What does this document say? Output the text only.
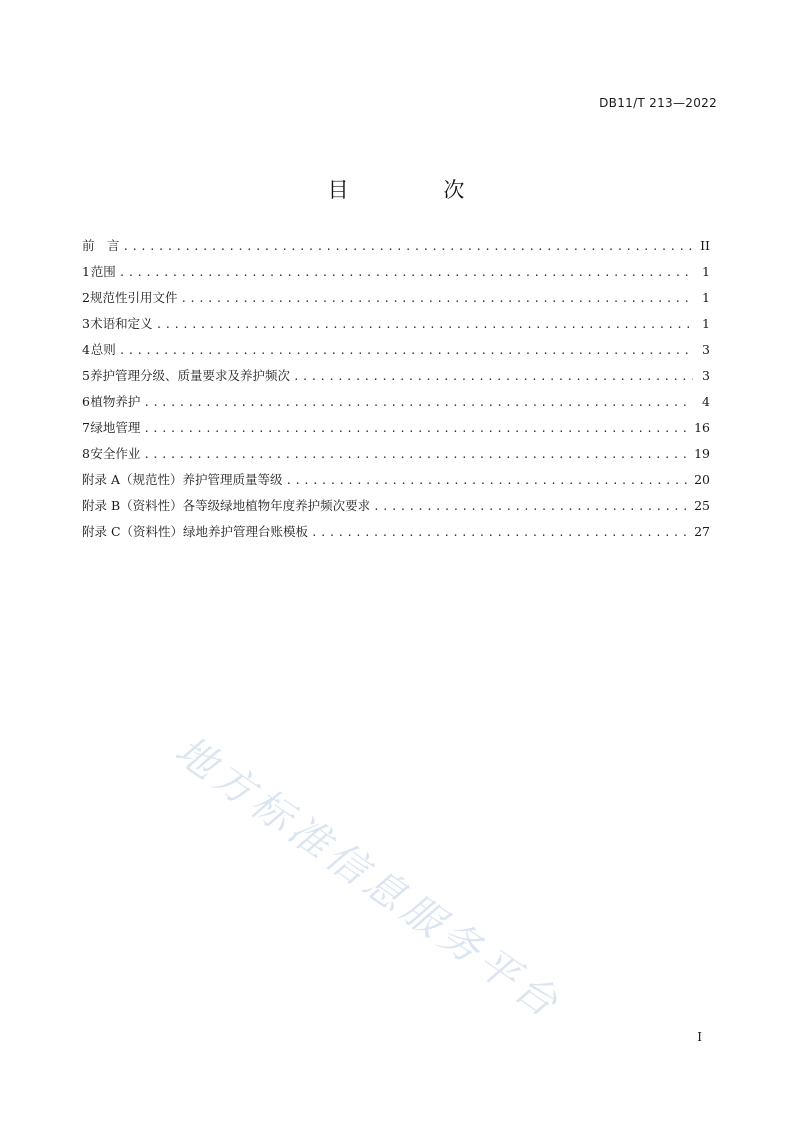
DB11/T 213—2022
目 次
前　言 .....	II
1 范围 .....	1
2 规范性引用文件 .....	1
3 术语和定义 .....	1
4 总则 .....	3
5 养护管理分级、质量要求及养护频次 .....	3
6 植物养护 .....	4
7 绿地管理 .....	16
8 安全作业 .....	19
附录 A（规范性）养护管理质量等级 .....	20
附录 B（资料性）各等级绿地植物年度养护频次要求 .....	25
附录 C（资料性）绿地养护管理台账模板 .....	27
地方标准信息服务平台
I
